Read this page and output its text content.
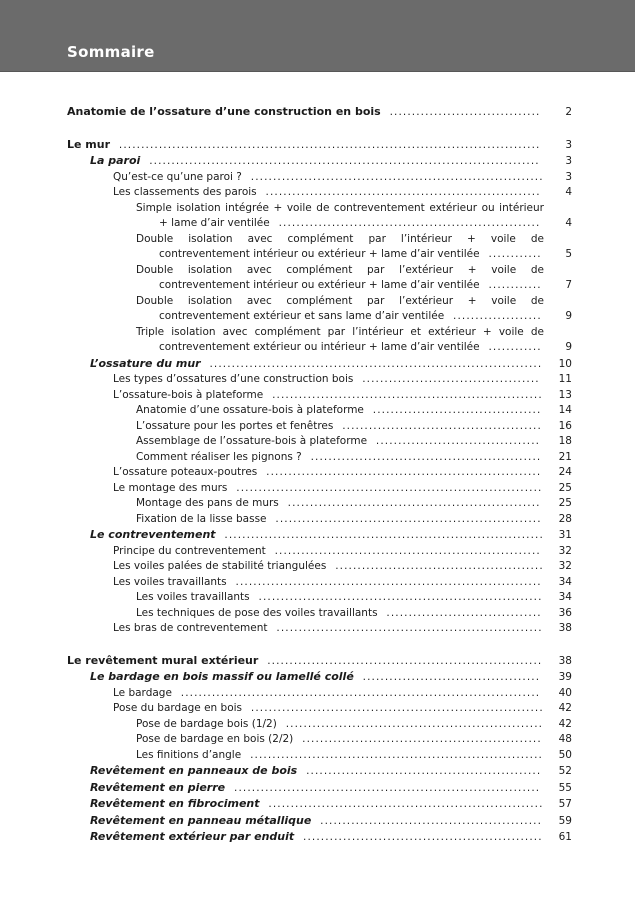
Sommaire
Anatomie de l’ossature d’une construction en bois  ..................................	2
Le mur  ...............................................................................................	3
La paroi  ........................................................................................	3
Qu’est-ce qu’une paroi ?  ..................................................................	3
Les classements des parois  ..............................................................	4
Simple isolation intégrée + voile de contreventement extérieur ou intérieur + lame d’air ventilée  ...........................................................	4
Double isolation avec complément par l’intérieur + voile de contreventement intérieur ou extérieur + lame d’air ventilée  ............	5
Double isolation avec complément par l’extérieur + voile de contreventement intérieur ou extérieur + lame d’air ventilée  ............	7
Double isolation avec complément par l’extérieur + voile de contreventement extérieur et sans lame d’air ventilée  ....................	9
Triple isolation avec complément par l’intérieur et extérieur + voile de contreventement extérieur ou intérieur + lame d’air ventilée  ............	9
L’ossature du mur  ...........................................................................	10
Les types d’ossatures d’une construction bois  ........................................	11
L’ossature-bois à plateforme  .............................................................	13
Anatomie d’une ossature-bois à plateforme  ......................................	14
L’ossature pour les portes et fenêtres  .............................................	16
Assemblage de l’ossature-bois à plateforme  .....................................	18
Comment réaliser les pignons ?  ....................................................	21
L’ossature poteaux-poutres  ..............................................................	24
Le montage des murs  .....................................................................	25
Montage des pans de murs  .........................................................	25
Fixation de la lisse basse  ............................................................	28
Le contreventement  ........................................................................	31
Principe du contreventement  ............................................................	32
Les voiles palées de stabilité triangulées  ...............................................	32
Les voiles travaillants  .....................................................................	34
Les voiles travaillants  ................................................................	34
Les techniques de pose des voiles travaillants  ...................................	36
Les bras de contreventement  ............................................................	38
Le revêtement mural extérieur  ..............................................................	38
Le bardage en bois massif ou lamellé collé  ........................................	39
Le bardage  .................................................................................	40
Pose du bardage en bois  ..................................................................	42
Pose de bardage bois (1/2)  ..........................................................	42
Pose de bardage en bois (2/2)  ......................................................	48
Les finitions d’angle  ..................................................................	50
Revêtement en panneaux de bois  .....................................................	52
Revêtement en pierre  .....................................................................	55
Revêtement en fibrociment  ..............................................................	57
Revêtement en panneau métallique  ..................................................	59
Revêtement extérieur par enduit  ......................................................	61
